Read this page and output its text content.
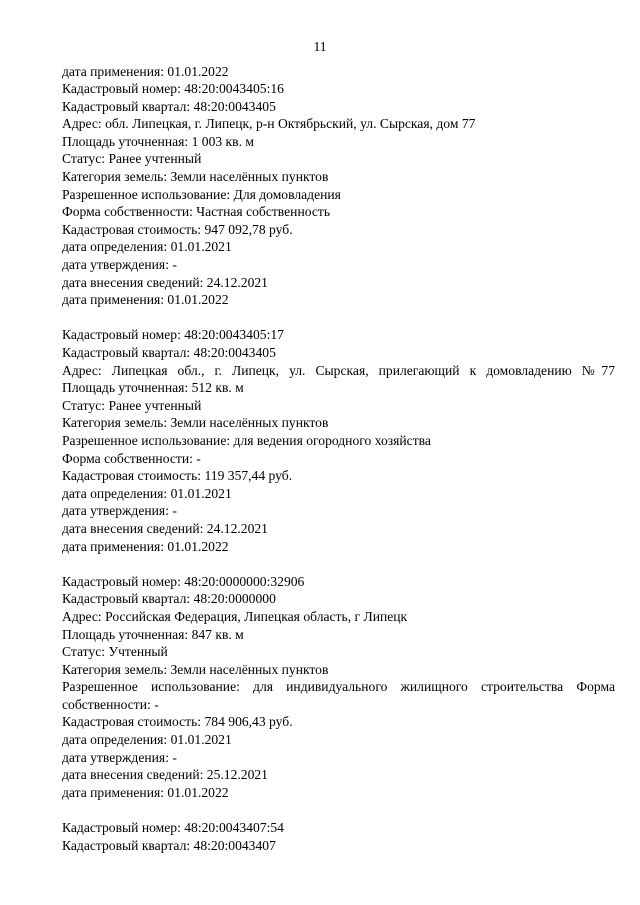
11
дата применения: 01.01.2022
Кадастровый номер: 48:20:0043405:16
Кадастровый квартал: 48:20:0043405
Адрес: обл. Липецкая, г. Липецк, р-н Октябрьский, ул. Сырская, дом 77
Площадь уточненная: 1 003 кв. м
Статус: Ранее учтенный
Категория земель: Земли населённых пунктов
Разрешенное использование: Для домовладения
Форма собственности: Частная собственность
Кадастровая стоимость: 947 092,78 руб.
дата определения: 01.01.2021
дата утверждения: -
дата внесения сведений: 24.12.2021
дата применения: 01.01.2022
Кадастровый номер: 48:20:0043405:17
Кадастровый квартал: 48:20:0043405
Адрес: Липецкая обл., г. Липецк, ул. Сырская, прилегающий к домовладению №77
Площадь уточненная: 512 кв. м
Статус: Ранее учтенный
Категория земель: Земли населённых пунктов
Разрешенное использование: для ведения огородного хозяйства
Форма собственности: -
Кадастровая стоимость: 119 357,44 руб.
дата определения: 01.01.2021
дата утверждения: -
дата внесения сведений: 24.12.2021
дата применения: 01.01.2022
Кадастровый номер: 48:20:0000000:32906
Кадастровый квартал: 48:20:0000000
Адрес: Российская Федерация, Липецкая область, г Липецк
Площадь уточненная: 847 кв. м
Статус: Учтенный
Категория земель: Земли населённых пунктов
Разрешенное использование: для индивидуального жилищного строительства Форма
собственности: -
Кадастровая стоимость: 784 906,43 руб.
дата определения: 01.01.2021
дата утверждения: -
дата внесения сведений: 25.12.2021
дата применения: 01.01.2022
Кадастровый номер: 48:20:0043407:54
Кадастровый квартал: 48:20:0043407
